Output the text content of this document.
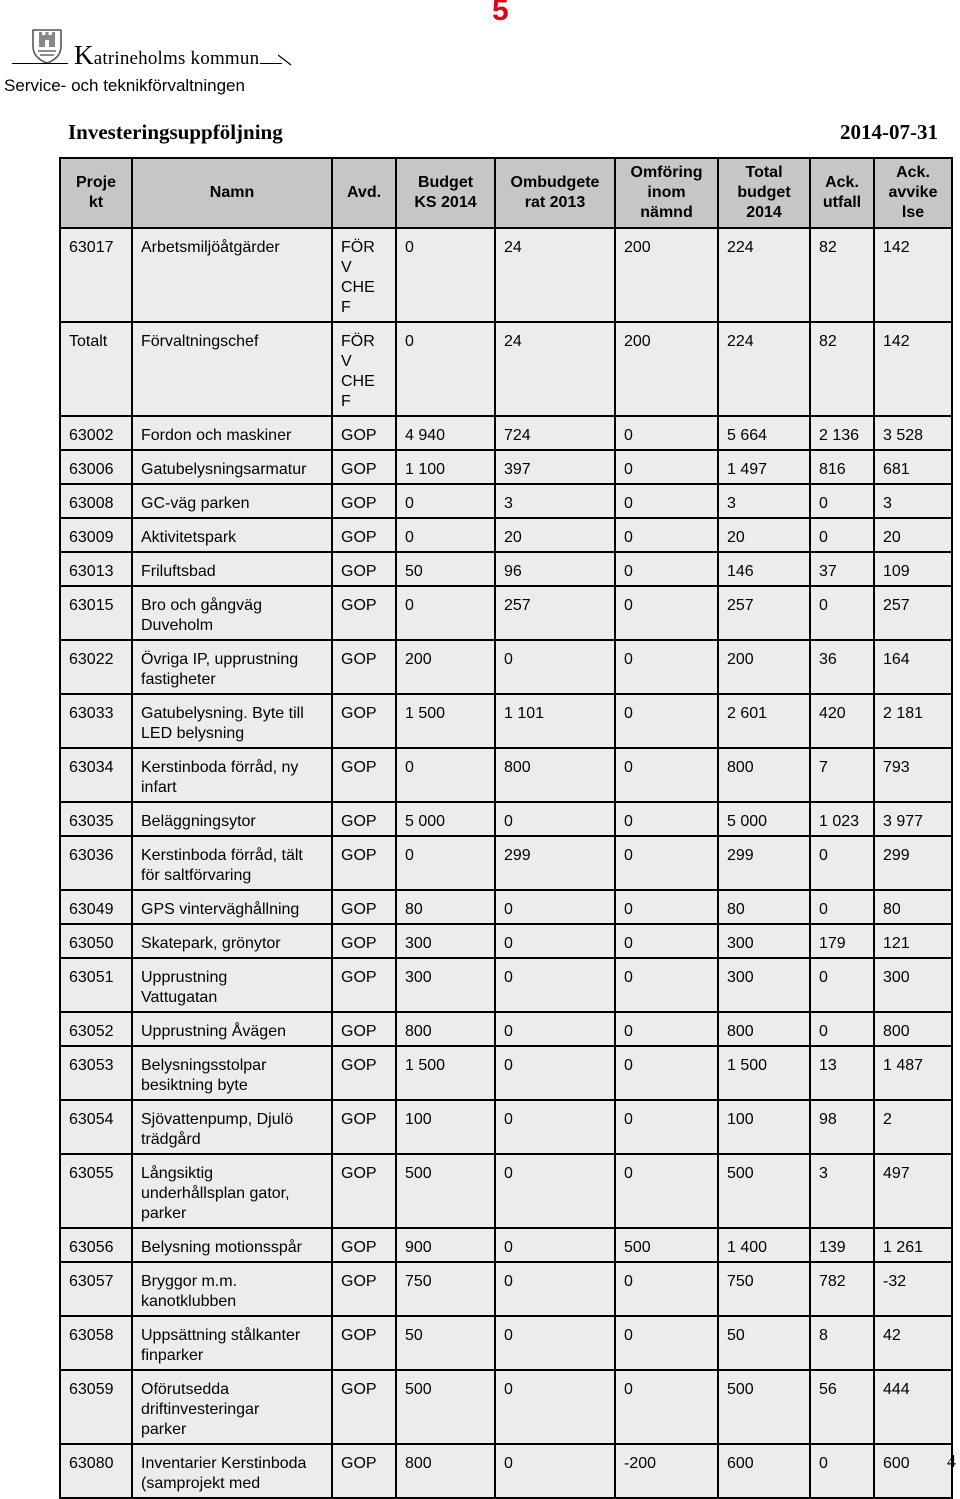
5
Katrineholms kommun
Service- och teknikförvaltningen
Investeringsuppföljning	2014-07-31
Proje
kt	Namn	Avd.	Budget
KS 2014	Ombudgete
rat 2013	Omföring
inom
nämnd	Total
budget
2014	Ack.
utfall	Ack.
avvike
lse
63017	Arbetsmiljöåtgärder	FÖR
V
CHE
F	0	24	200	224	82	142
Totalt	Förvaltningschef	FÖR
V
CHE
F	0	24	200	224	82	142
63002	Fordon och maskiner	GOP	4 940	724	0	5 664	2 136	3 528
63006	Gatubelysningsarmatur	GOP	1 100	397	0	1 497	816	681
63008	GC-väg parken	GOP	0	3	0	3	0	3
63009	Aktivitetspark	GOP	0	20	0	20	0	20
63013	Friluftsbad	GOP	50	96	0	146	37	109
63015	Bro och gångväg
Duveholm	GOP	0	257	0	257	0	257
63022	Övriga IP, upprustning
fastigheter	GOP	200	0	0	200	36	164
63033	Gatubelysning. Byte till
LED belysning	GOP	1 500	1 101	0	2 601	420	2 181
63034	Kerstinboda förråd, ny
infart	GOP	0	800	0	800	7	793
63035	Beläggningsytor	GOP	5 000	0	0	5 000	1 023	3 977
63036	Kerstinboda förråd, tält
för saltförvaring	GOP	0	299	0	299	0	299
63049	GPS vinterväghållning	GOP	80	0	0	80	0	80
63050	Skatepark, grönytor	GOP	300	0	0	300	179	121
63051	Upprustning
Vattugatan	GOP	300	0	0	300	0	300
63052	Upprustning Åvägen	GOP	800	0	0	800	0	800
63053	Belysningsstolpar
besiktning byte	GOP	1 500	0	0	1 500	13	1 487
63054	Sjövattenpump, Djulö
trädgård	GOP	100	0	0	100	98	2
63055	Långsiktig
underhållsplan gator,
parker	GOP	500	0	0	500	3	497
63056	Belysning motionsspår	GOP	900	0	500	1 400	139	1 261
63057	Bryggor m.m.
kanotklubben	GOP	750	0	0	750	782	-32
63058	Uppsättning stålkanter
finparker	GOP	50	0	0	50	8	42
63059	Oförutsedda
driftinvesteringar
parker	GOP	500	0	0	500	56	444
63080	Inventarier Kerstinboda
(samprojekt med	GOP	800	0	-200	600	0	600 4
